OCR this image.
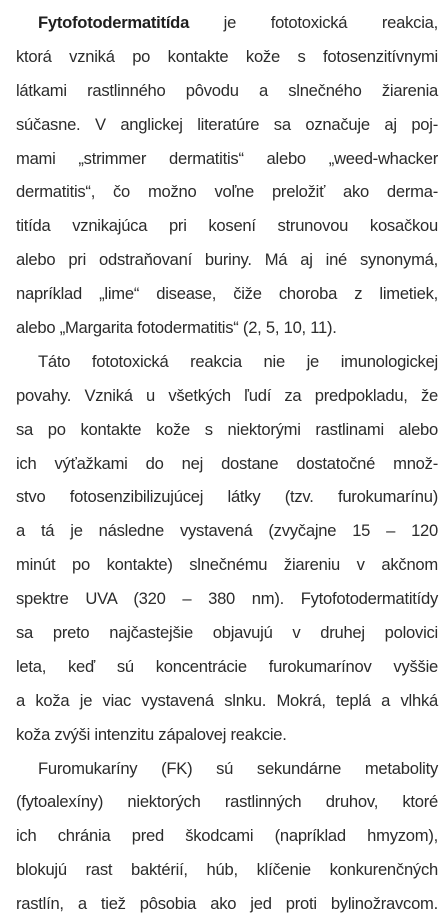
Fytofotodermatitída je fototoxická reakcia,
ktorá vzniká po kontakte kože s fotosenzitívnymi
látkami rastlinného pôvodu a slnečného žiarenia
súčasne. V anglickej literatúre sa označuje aj poj-
mami „strimmer dermatitis“ alebo „weed-whacker
dermatitis“, čo možno voľne preložiť ako derma-
titída vznikajúca pri kosení strunovou kosačkou
alebo pri odstraňovaní buriny. Má aj iné synonymá,
napríklad „lime“ disease, čiže choroba z limetiek,
alebo „Margarita fotodermatitis“ (2, 5, 10, 11).
Táto fototoxická reakcia nie je imunologickej
povahy. Vzniká u všetkých ľudí za predpokladu, že
sa po kontakte kože s niektorými rastlinami alebo
ich výťažkami do nej dostane dostatočné množ-
stvo fotosenzibilizujúcej látky (tzv. furokumarínu)
a tá je následne vystavená (zvyčajne 15 – 120
minút po kontakte) slnečnému žiareniu v akčnom
spektre UVA (320 – 380 nm). Fytofotodermatitídy
sa preto najčastejšie objavujú v druhej polovici
leta, keď sú koncentrácie furokumarínov vyššie
a koža je viac vystavená slnku. Mokrá, teplá a vlhká
koža zvýši intenzitu zápalovej reakcie.
Furomukaríny (FK) sú sekundárne metabolity
(fytoalexíny) niektorých rastlinných druhov, ktoré
ich chránia pred škodcami (napríklad hmyzom),
blokujú rast baktérií, húb, klíčenie konkurenčných
rastlín, a tiež pôsobia ako jed proti bylinožravcom.
